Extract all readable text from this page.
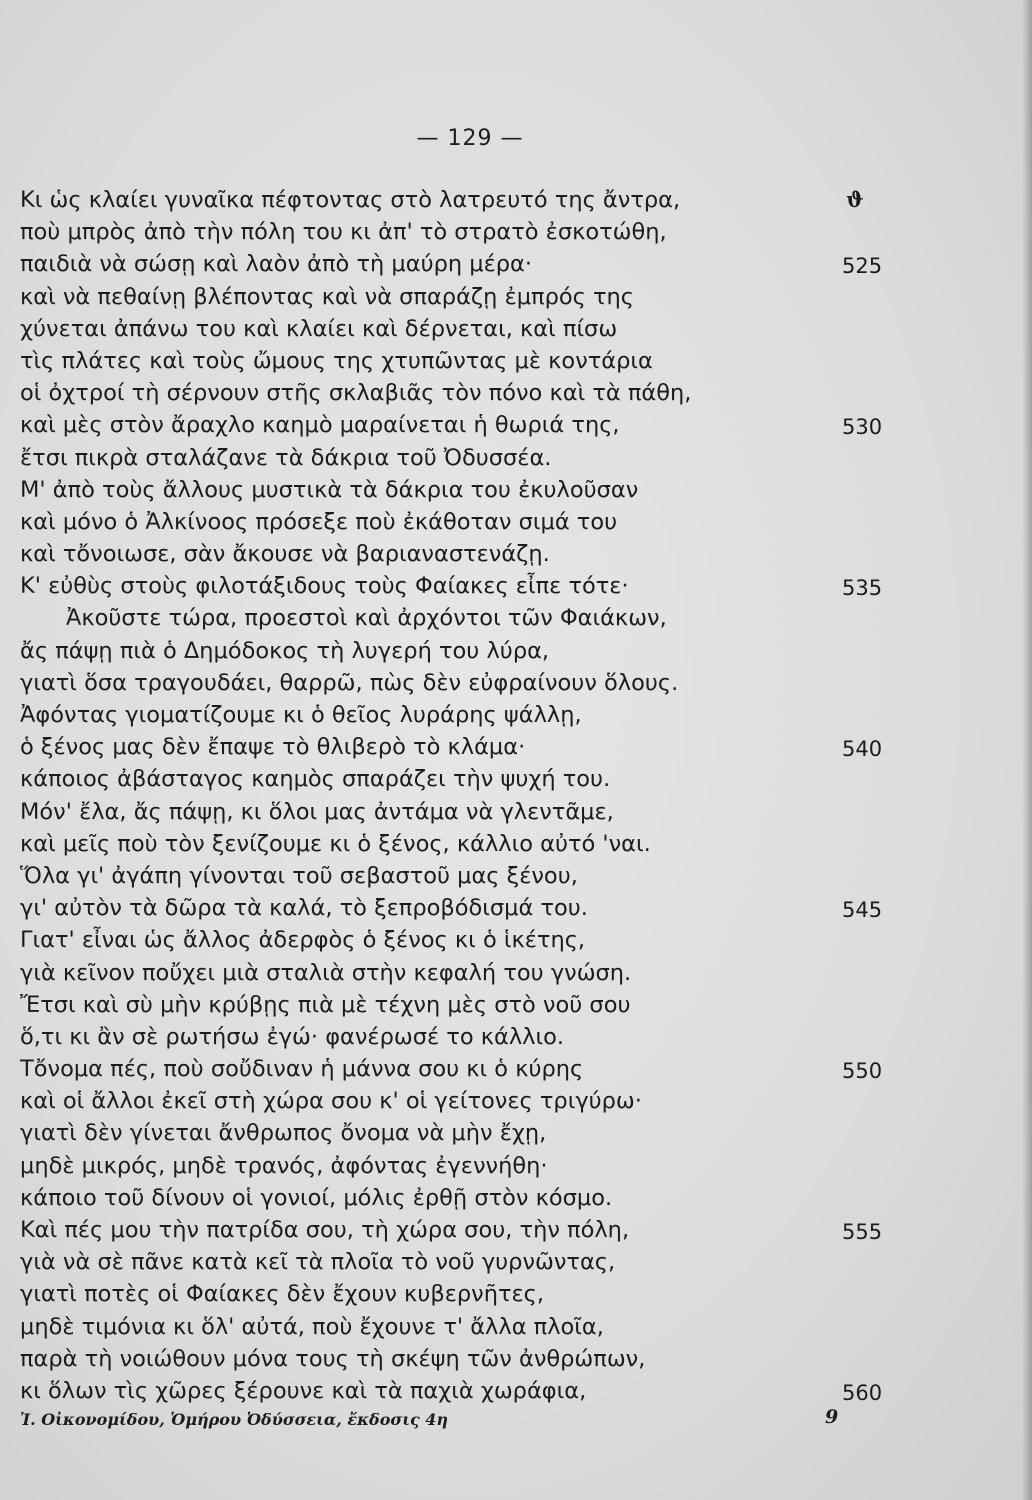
— 129 —
Κι ὡς κλαίει γυναῖκα πέφτοντας στὸ λατρευτό της ἄντρα,	ϑ
ποὺ μπρὸς ἀπὸ τὴν πόλη του κι ἀπ' τὸ στρατὸ ἐσκοτώθη,
παιδιὰ νὰ σώσῃ καὶ λαὸν ἀπὸ τὴ μαύρη μέρα·	525
καὶ νὰ πεθαίνῃ βλέποντας καὶ νὰ σπαράζῃ ἐμπρός της
χύνεται ἀπάνω του καὶ κλαίει καὶ δέρνεται, καὶ πίσω
τὶς πλάτες καὶ τοὺς ὤμους της χτυπῶντας μὲ κοντάρια
οἱ ὀχτροί τὴ σέρνουν στῆς σκλαβιᾶς τὸν πόνο καὶ τὰ πάθη,
καὶ μὲς στὸν ἄραχλο καημὸ μαραίνεται ἡ θωριά της,	530
ἔτσι πικρὰ σταλάζανε τὰ δάκρια τοῦ Ὀδυσσέα.
Μ' ἀπὸ τοὺς ἄλλους μυστικὰ τὰ δάκρια του ἐκυλοῦσαν
καὶ μόνο ὁ Ἀλκίνοος πρόσεξε ποὺ ἐκάθοταν σιμά του
καὶ τὄνοιωσε, σὰν ἄκουσε νὰ βαριαναστενάζῃ.
Κ' εὐθὺς στοὺς φιλοτάξιδους τοὺς Φαίακες εἶπε τότε·	535
Ἀκοῦστε τώρα, προεστοὶ καὶ ἀρχόντοι τῶν Φαιάκων,
ἄς πάψῃ πιὰ ὁ Δημόδοκος τὴ λυγερή του λύρα,
γιατὶ ὅσα τραγουδάει, θαρρῶ, πὼς δὲν εὐφραίνουν ὅλους.
Ἀφόντας γιοματίζουμε κι ὁ θεῖος λυράρης ψάλλῃ,
ὁ ξένος μας δὲν ἔπαψε τὸ θλιβερὸ τὸ κλάμα·	540
κάποιος ἀβάσταγος καημὸς σπαράζει τὴν ψυχή του.
Μόν' ἔλα, ἄς πάψῃ, κι ὅλοι μας ἀντάμα νὰ γλεντᾶμε,
καὶ μεῖς ποὺ τὸν ξενίζουμε κι ὁ ξένος, κάλλιο αὐτό 'ναι.
Ὅλα γι' ἀγάπη γίνονται τοῦ σεβαστοῦ μας ξένου,
γι' αὐτὸν τὰ δῶρα τὰ καλά, τὸ ξεπροβόδισμά του.	545
Γιατ' εἶναι ὡς ἄλλος ἀδερφὸς ὁ ξένος κι ὁ ἱκέτης,
γιὰ κεῖνον ποὔχει μιὰ σταλιὰ στὴν κεφαλή του γνώση.
Ἔτσι καὶ σὺ μὴν κρύβῃς πιὰ μὲ τέχνη μὲς στὸ νοῦ σου
ὅ,τι κι ἂν σὲ ρωτήσω ἐγώ· φανέρωσέ το κάλλιο.
Τὄνομα πές, ποὺ σοὔδιναν ἡ μάννα σου κι ὁ κύρης	550
καὶ οἱ ἄλλοι ἐκεῖ στὴ χώρα σου κ' οἱ γείτονες τριγύρω·
γιατὶ δὲν γίνεται ἄνθρωπος ὄνομα νὰ μὴν ἔχῃ,
μηδὲ μικρός, μηδὲ τρανός, ἀφόντας ἐγεννήθη·
κάποιο τοῦ δίνουν οἱ γονιοί, μόλις ἐρθῇ στὸν κόσμο.
Καὶ πές μου τὴν πατρίδα σου, τὴ χώρα σου, τὴν πόλη,	555
γιὰ νὰ σὲ πᾶνε κατὰ κεῖ τὰ πλοῖα τὸ νοῦ γυρνῶντας,
γιατὶ ποτὲς οἱ Φαίακες δὲν ἔχουν κυβερνῆτες,
μηδὲ τιμόνια κι ὅλ' αὐτά, ποὺ ἔχουνε τ' ἄλλα πλοῖα,
παρὰ τὴ νοιώθουν μόνα τους τὴ σκέψη τῶν ἀνθρώπων,
κι ὅλων τὶς χῶρες ξέρουνε καὶ τὰ παχιὰ χωράφια,	560
Ἰ. Οἰκονομίδου, Ὁμήρου Ὀδύσσεια, ἔκδοσις 4η	9
